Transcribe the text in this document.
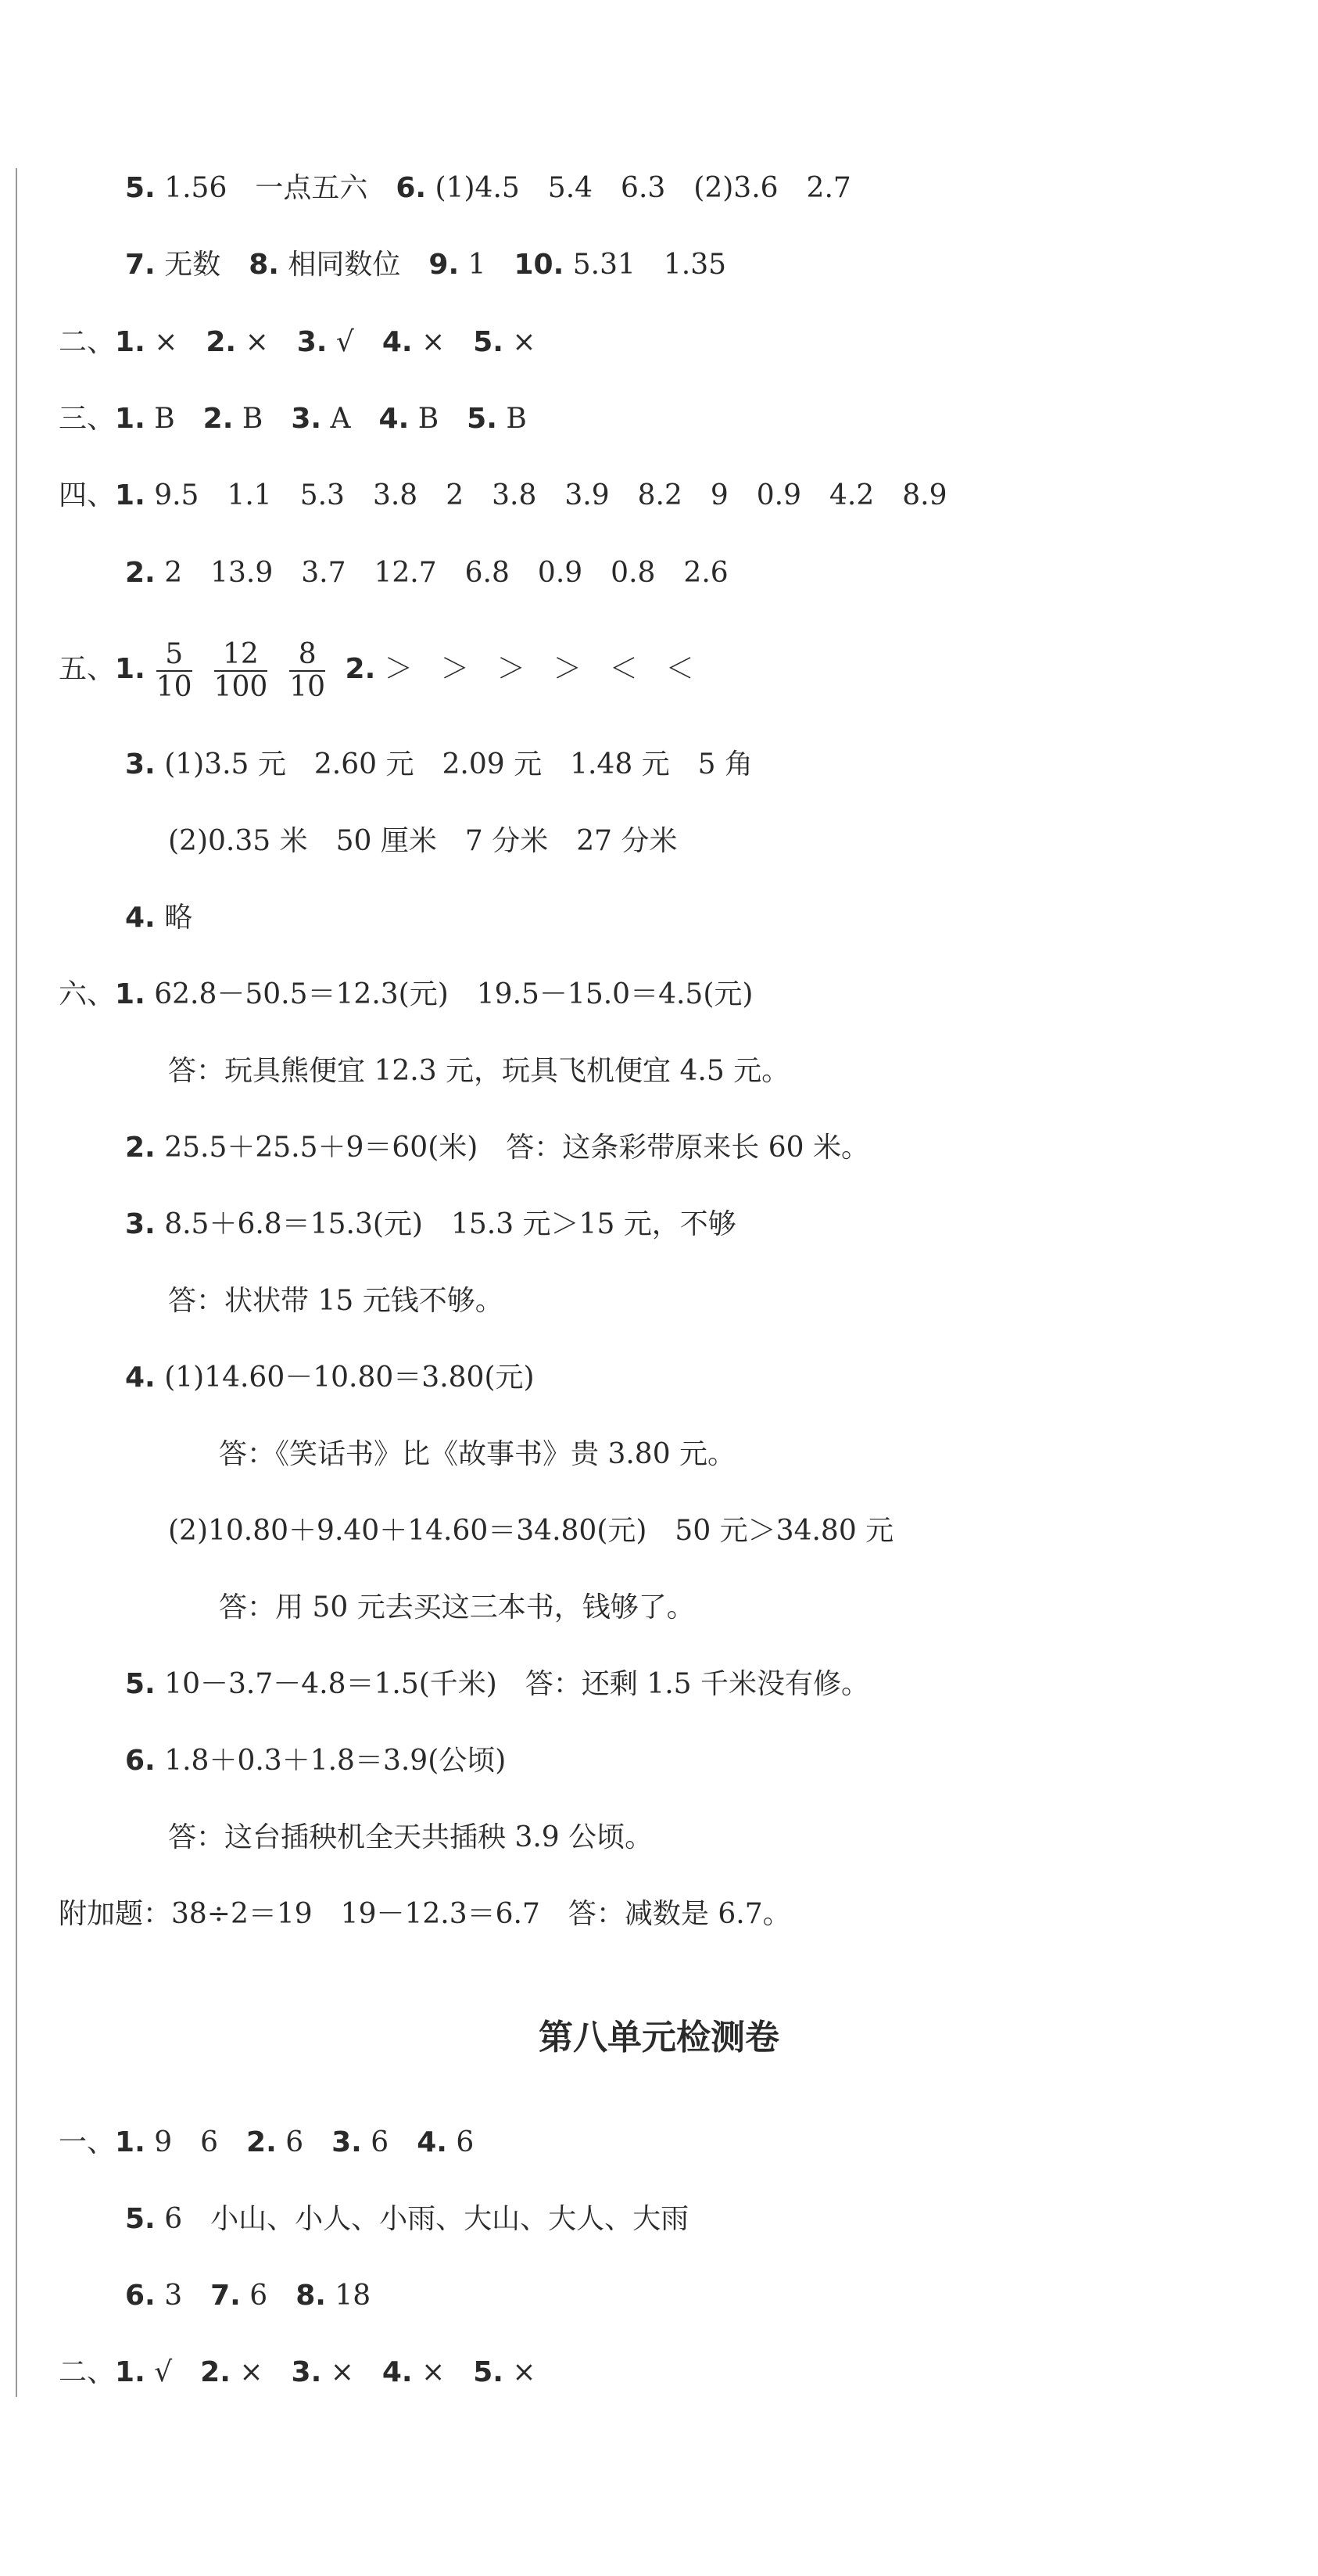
5. 1.56　一点五六　6. (1)4.5　5.4　6.3　(2)3.6　2.7
7. 无数　8. 相同数位　9. 1　10. 5.31　1.35
二、1. ×　2. ×　3. √　4. ×　5. ×
三、1. B　2. B　3. A　4. B　5. B
四、1. 9.5　1.1　5.3　3.8　2　3.8　3.9　8.2　9　0.9　4.2　8.9
2. 2　13.9　3.7　12.7　6.8　0.9　0.8　2.6
五、1. $\frac{5}{10} \frac{12}{100} \frac{8}{10} 2$. ＞　＞　＞　＞　＜　＜
3. (1)3.5 元　2.60 元　2.09 元　1.48 元　5 角
(2)0.35 米　50 厘米　7 分米　27 分米
4. 略
六、1. 62.8－50.5＝12.3(元)　19.5－15.0＝4.5(元)
答：玩具熊便宜 12.3 元，玩具飞机便宜 4.5 元。
2. 25.5＋25.5＋9＝60(米)　答：这条彩带原来长 60 米。
3. 8.5＋6.8＝15.3(元)　15.3 元＞15 元，不够
答：状状带 15 元钱不够。
4. (1)14.60－10.80＝3.80(元)
答：《笑话书》比《故事书》贵 3.80 元。
(2)10.80＋9.40＋14.60＝34.80(元)　50 元＞34.80 元
答：用 50 元去买这三本书，钱够了。
5. 10－3.7－4.8＝1.5(千米)　答：还剩 1.5 千米没有修。
6. 1.8＋0.3＋1.8＝3.9(公顷)
答：这台插秧机全天共插秧 3.9 公顷。
附加题：38÷2＝19　19－12.3＝6.7　答：减数是 6.7。
第八单元检测卷
一、1. 9　6　2. 6　3. 6　4. 6
5. 6　小山、小人、小雨、大山、大人、大雨
6. 3　7. 6　8. 18
二、1. √　2. ×　3. ×　4. ×　5. ×
